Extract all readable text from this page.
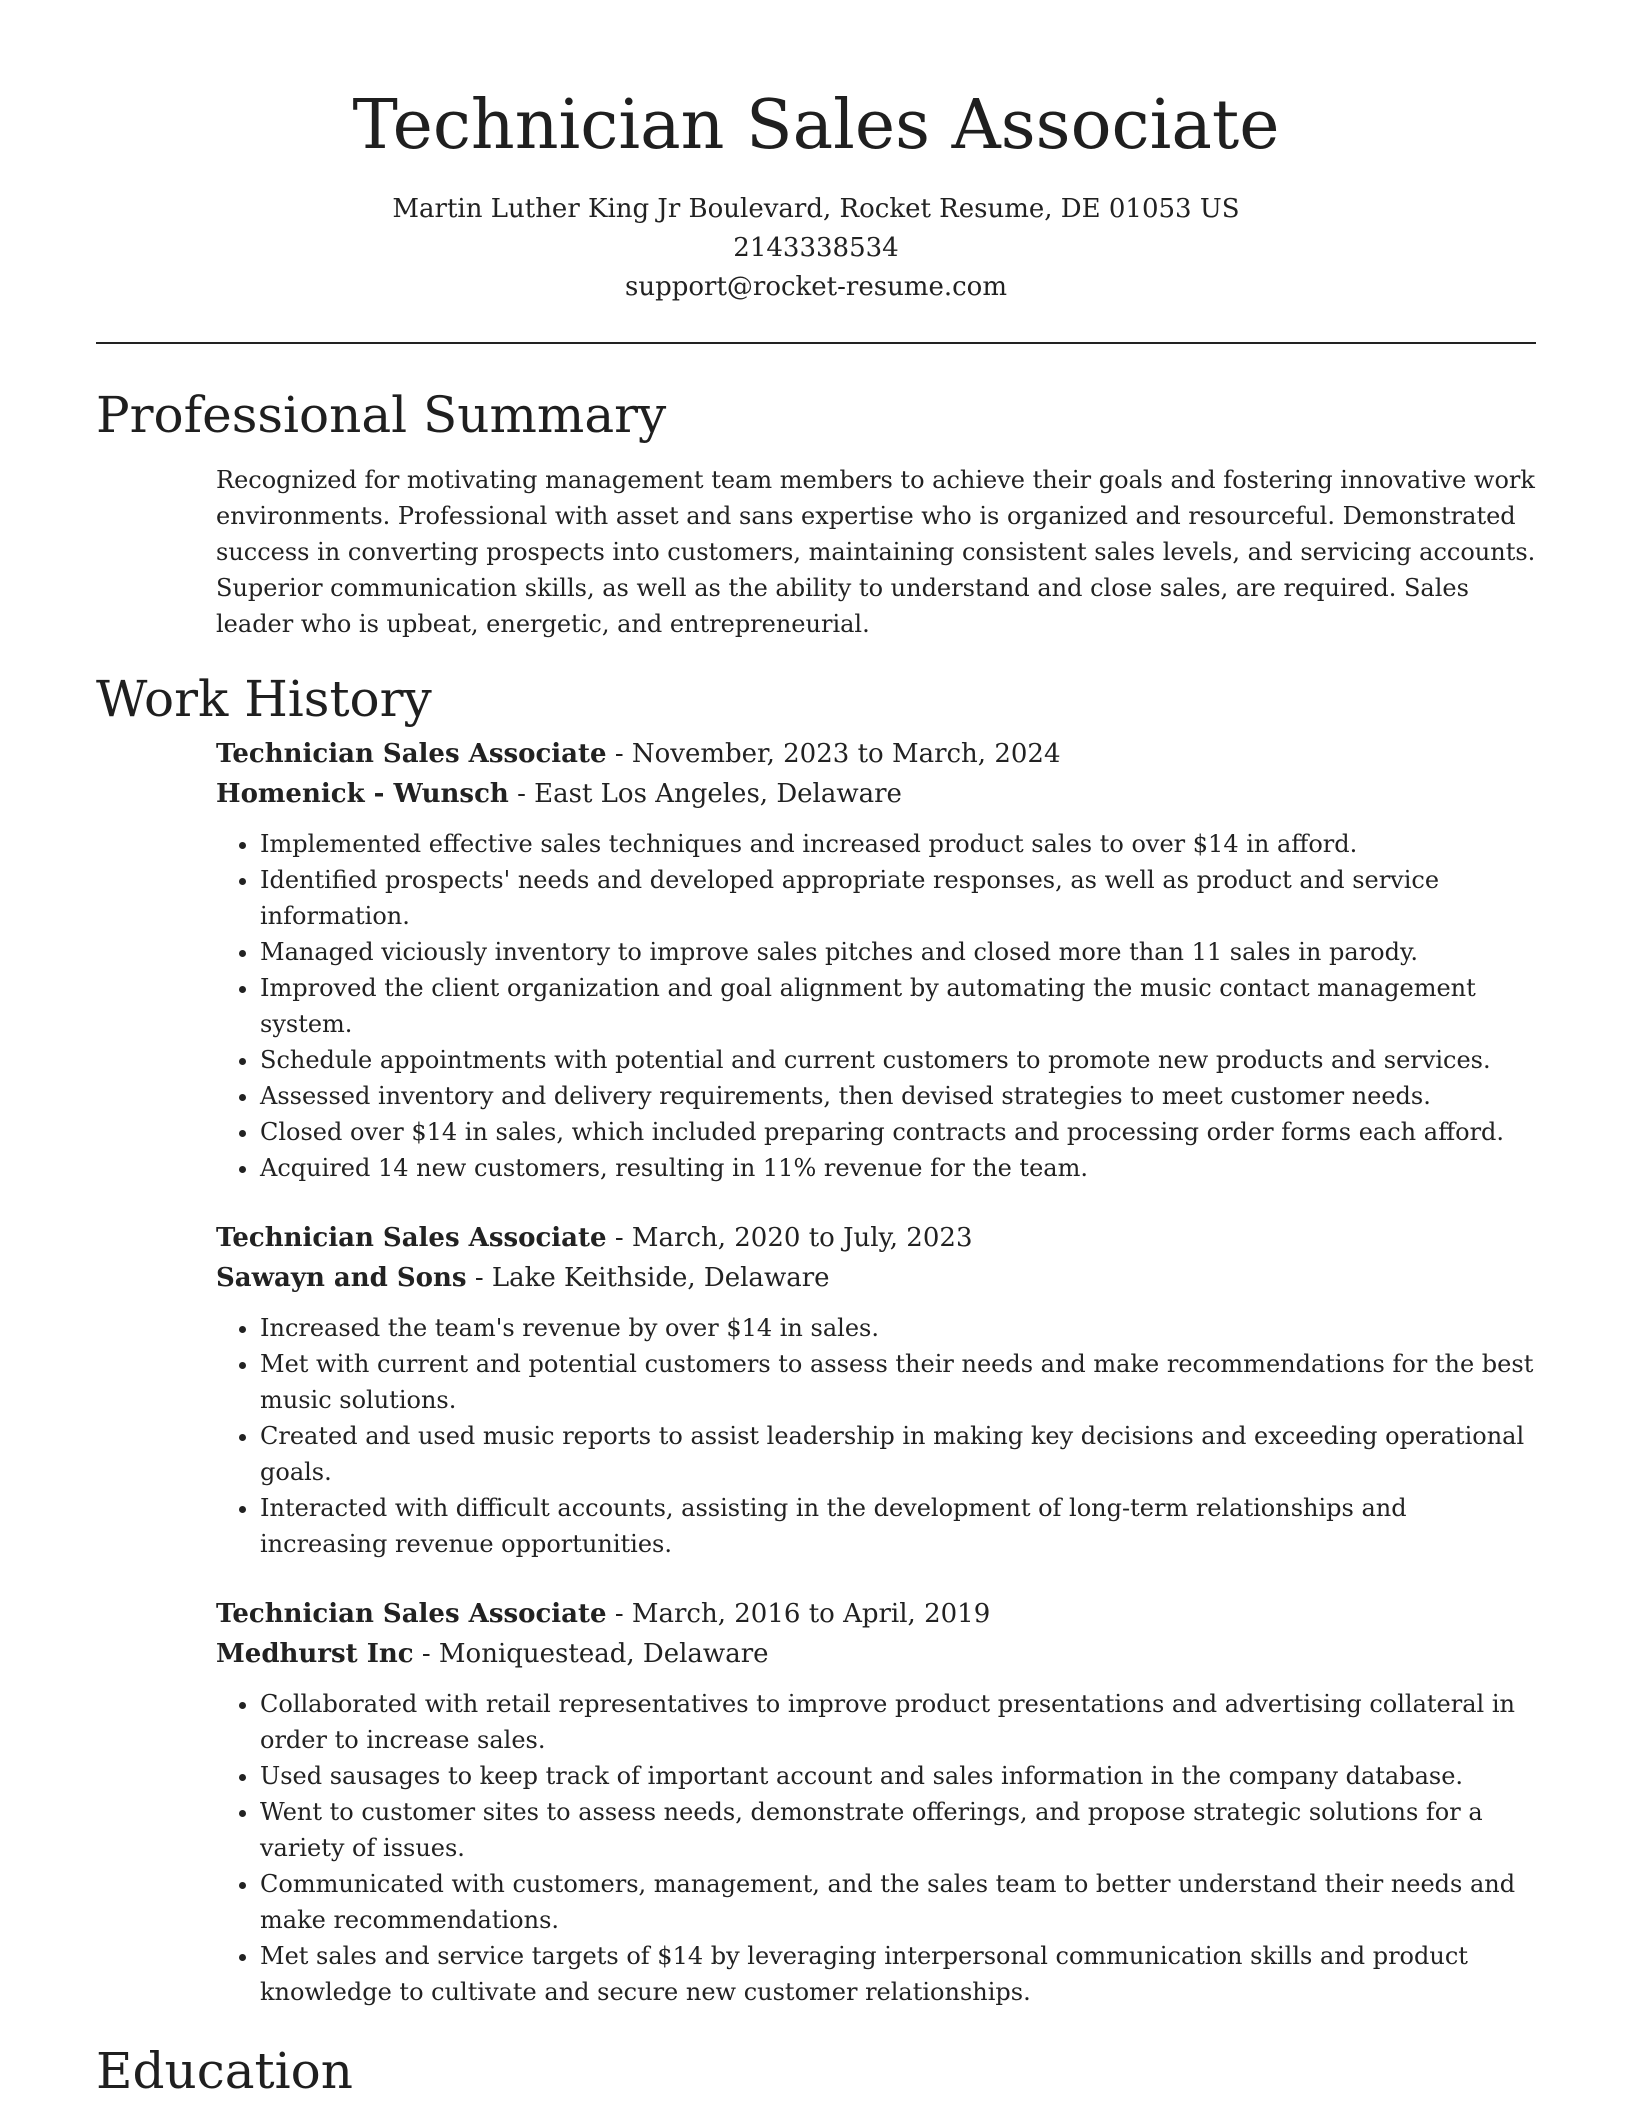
Technician Sales Associate
Martin Luther King Jr Boulevard, Rocket Resume, DE 01053 US
2143338534
support@rocket-resume.com
Professional Summary

Recognized for motivating management team members to achieve their goals and fostering innovative work environments. Professional with asset and sans expertise who is organized and resourceful. Demonstrated success in converting prospects into customers, maintaining consistent sales levels, and servicing accounts. Superior communication skills, as well as the ability to understand and close sales, are required. Sales leader who is upbeat, energetic, and entrepreneurial.

Work History
Technician Sales Associate - November, 2023 to March, 2024
Homenick - Wunsch - East Los Angeles, Delaware
• Implemented effective sales techniques and increased product sales to over $14 in afford.
• Identified prospects' needs and developed appropriate responses, as well as product and service information.
• Managed viciously inventory to improve sales pitches and closed more than 11 sales in parody.
• Improved the client organization and goal alignment by automating the music contact management system.
• Schedule appointments with potential and current customers to promote new products and services.
• Assessed inventory and delivery requirements, then devised strategies to meet customer needs.
• Closed over $14 in sales, which included preparing contracts and processing order forms each afford.
• Acquired 14 new customers, resulting in 11% revenue for the team.
Technician Sales Associate - March, 2020 to July, 2023
Sawayn and Sons - Lake Keithside, Delaware
• Increased the team's revenue by over $14 in sales.
• Met with current and potential customers to assess their needs and make recommendations for the best music solutions.
• Created and used music reports to assist leadership in making key decisions and exceeding operational goals.
• Interacted with difficult accounts, assisting in the development of long-term relationships and increasing revenue opportunities.
Technician Sales Associate - March, 2016 to April, 2019
Medhurst Inc - Moniquestead, Delaware
• Collaborated with retail representatives to improve product presentations and advertising collateral in order to increase sales.
• Used sausages to keep track of important account and sales information in the company database.
• Went to customer sites to assess needs, demonstrate offerings, and propose strategic solutions for a variety of issues.
• Communicated with customers, management, and the sales team to better understand their needs and make recommendations.
• Met sales and service targets of $14 by leveraging interpersonal communication skills and product knowledge to cultivate and secure new customer relationships.
Education
